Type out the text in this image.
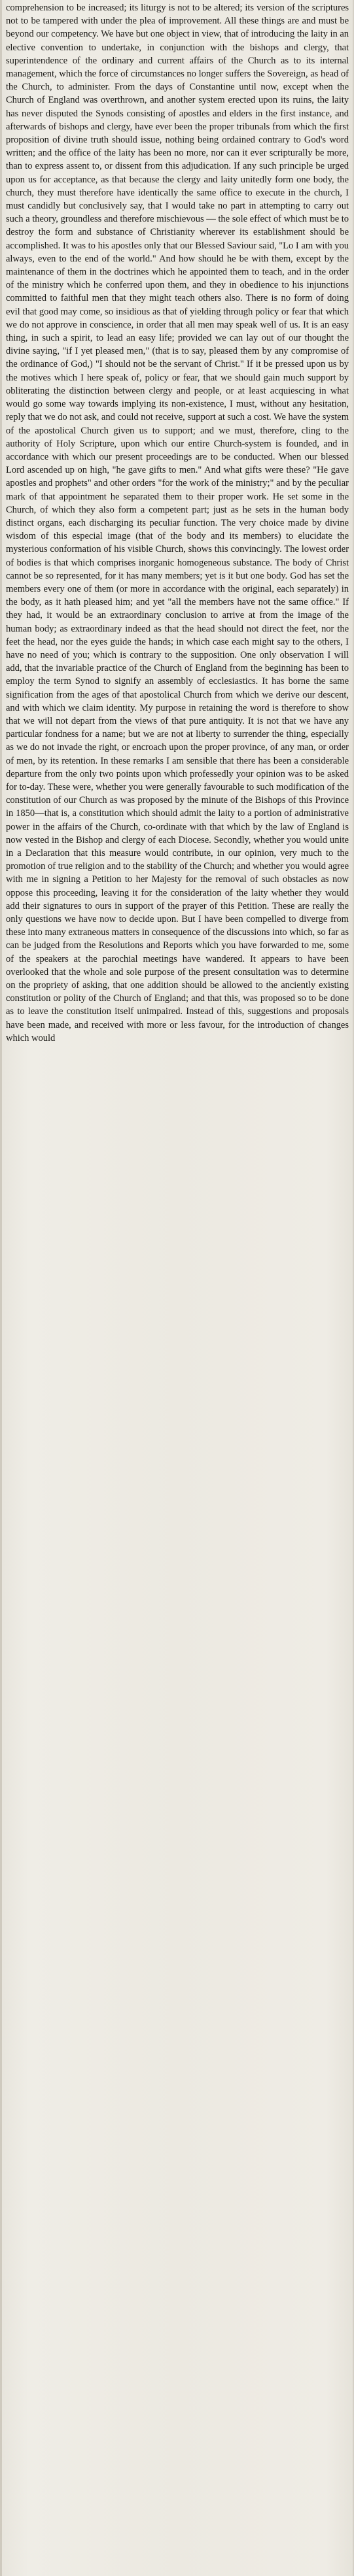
comprehension to be increased; its liturgy is not to be altered; its version of the scriptures not to be tampered with under the plea of improvement. All these things are and must be beyond our competency. We have but one object in view, that of introducing the laity in an elective convention to undertake, in conjunction with the bishops and clergy, that superintendence of the ordinary and current affairs of the Church as to its internal management, which the force of circumstances no longer suffers the Sovereign, as head of the Church, to administer. From the days of Constantine until now, except when the Church of England was overthrown, and another system erected upon its ruins, the laity has never disputed the Synods consisting of apostles and elders in the first instance, and afterwards of bishops and clergy, have ever been the proper tribunals from which the first proposition of divine truth should issue, nothing being ordained contrary to God's word written; and the office of the laity has been no more, nor can it ever scripturally be more, than to express assent to, or dissent from this adjudication. If any such principle be urged upon us for acceptance, as that because the clergy and laity unitedly form one body, the church, they must therefore have identically the same office to execute in the church, I must candidly but conclusively say, that I would take no part in attempting to carry out such a theory, groundless and therefore mischievous — the sole effect of which must be to destroy the form and substance of Christianity wherever its establishment should be accomplished. It was to his apostles only that our Blessed Saviour said, "Lo I am with you always, even to the end of the world." And how should he be with them, except by the maintenance of them in the doctrines which he appointed them to teach, and in the order of the ministry which he conferred upon them, and they in obedience to his injunctions committed to faithful men that they might teach others also. There is no form of doing evil that good may come, so insidious as that of yielding through policy or fear that which we do not approve in conscience, in order that all men may speak well of us. It is an easy thing, in such a spirit, to lead an easy life; provided we can lay out of our thought the divine saying, "if I yet pleased men," (that is to say, pleased them by any compromise of the ordinance of God,) "I should not be the servant of Christ." If it be pressed upon us by the motives which I here speak of, policy or fear, that we should gain much support by obliterating the distinction between clergy and people, or at least acquiescing in what would go some way towards implying its non-existence, I must, without any hesitation, reply that we do not ask, and could not receive, support at such a cost. We have the system of the apostolical Church given us to support; and we must, therefore, cling to the authority of Holy Scripture, upon which our entire Church-system is founded, and in accordance with which our present proceedings are to be conducted. When our blessed Lord ascended up on high, "he gave gifts to men." And what gifts were these? "He gave apostles and prophets" and other orders "for the work of the ministry;" and by the peculiar mark of that appointment he separated them to their proper work. He set some in the Church, of which they also form a competent part; just as he sets in the human body distinct organs, each discharging its peculiar function. The very choice made by divine wisdom of this especial image (that of the body and its members) to elucidate the mysterious conformation of his visible Church, shows this convincingly. The lowest order of bodies is that which comprises inorganic homogeneous substance. The body of Christ cannot be so represented, for it has many members; yet is it but one body. God has set the members every one of them (or more in accordance with the original, each separately) in the body, as it hath pleased him; and yet "all the members have not the same office." If they had, it would be an extraordinary conclusion to arrive at from the image of the human body; as extraordinary indeed as that the head should not direct the feet, nor the feet the head, nor the eyes guide the hands; in which case each might say to the others, I have no need of you; which is contrary to the supposition. One only observation I will add, that the invariable practice of the Church of England from the beginning has been to employ the term Synod to signify an assembly of ecclesiastics. It has borne the same signification from the ages of that apostolical Church from which we derive our descent, and with which we claim identity. My purpose in retaining the word is therefore to show that we will not depart from the views of that pure antiquity. It is not that we have any particular fondness for a name; but we are not at liberty to surrender the thing, especially as we do not invade the right, or encroach upon the proper province, of any man, or order of men, by its retention. In these remarks I am sensible that there has been a considerable departure from the only two points upon which professedly your opinion was to be asked for to-day. These were, whether you were generally favourable to such modification of the constitution of our Church as was proposed by the minute of the Bishops of this Province in 1850—that is, a constitution which should admit the laity to a portion of administrative power in the affairs of the Church, co-ordinate with that which by the law of England is now vested in the Bishop and clergy of each Diocese. Secondly, whether you would unite in a Declaration that this measure would contribute, in our opinion, very much to the promotion of true religion and to the stability of the Church; and whether you would agree with me in signing a Petition to her Majesty for the removal of such obstacles as now oppose this proceeding, leaving it for the consideration of the laity whether they would add their signatures to ours in support of the prayer of this Petition. These are really the only questions we have now to decide upon. But I have been compelled to diverge from these into many extraneous matters in consequence of the discussions into which, so far as can be judged from the Resolutions and Reports which you have forwarded to me, some of the speakers at the parochial meetings have wandered. It appears to have been overlooked that the whole and sole purpose of the present consultation was to determine on the propriety of asking, that one addition should be allowed to the anciently existing constitution or polity of the Church of England; and that this, was proposed so to be done as to leave the constitution itself unimpaired. Instead of this, suggestions and proposals have been made, and received with more or less favour, for the introduction of changes which would
